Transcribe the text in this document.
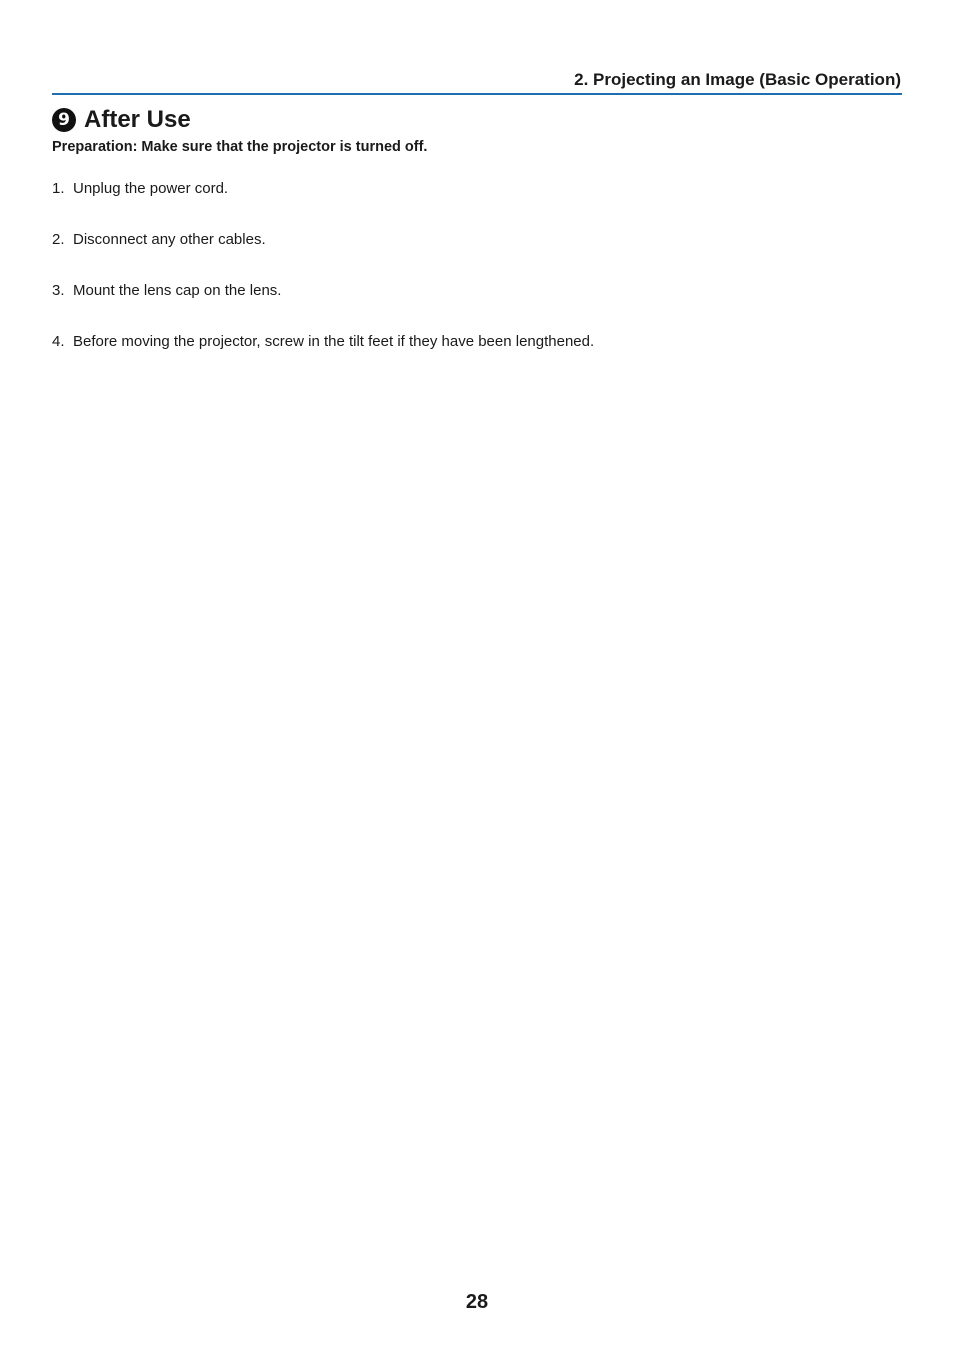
2. Projecting an Image (Basic Operation)
9 After Use
Preparation: Make sure that the projector is turned off.
1. Unplug the power cord.
2. Disconnect any other cables.
3. Mount the lens cap on the lens.
4. Before moving the projector, screw in the tilt feet if they have been lengthened.
28
